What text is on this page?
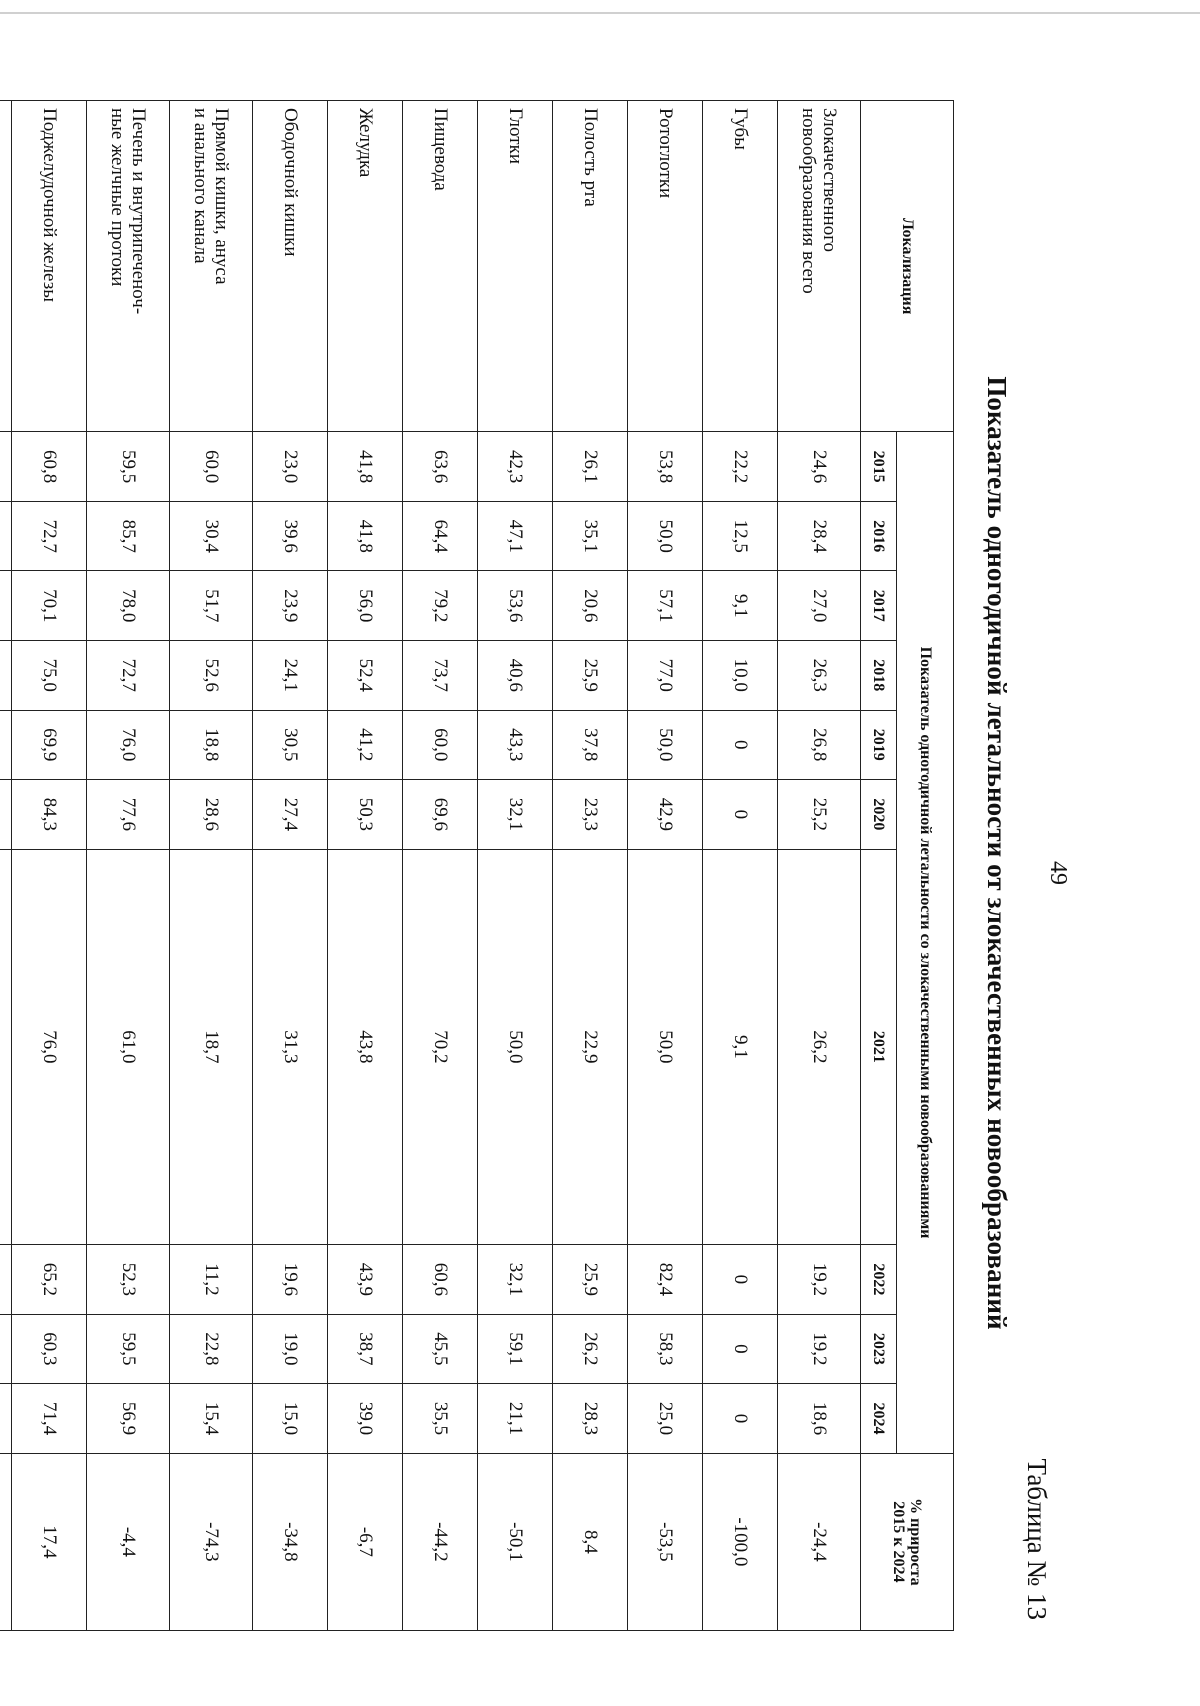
49
Таблица № 13
Показатель одногодичной летальности от злокачественных новообразований
Локализация	Показатель одногодичной летальности со злокачественными новообразованиями										% прироста
2015 к 2024
	2015	2016	2017	2018	2019	2020	2021	2022	2023	2024	
Злокачественного
новообразования всего	24,6	28,4	27,0	26,3	26,8	25,2	26,2	19,2	19,2	18,6	-24,4
Губы	22,2	12,5	9,1	10,0	0	0	9,1	0	0	0	-100,0
Ротоглотки	53,8	50,0	57,1	77,0	50,0	42,9	50,0	82,4	58,3	25,0	-53,5
Полость рта	26,1	35,1	20,6	25,9	37,8	23,3	22,9	25,9	26,2	28,3	8,4
Глотки	42,3	47,1	53,6	40,6	43,3	32,1	50,0	32,1	59,1	21,1	-50,1
Пищевода	63,6	64,4	79,2	73,7	60,0	69,6	70,2	60,6	45,5	35,5	-44,2
Желудка	41,8	41,8	56,0	52,4	41,2	50,3	43,8	43,9	38,7	39,0	-6,7
Ободочной кишки	23,0	39,6	23,9	24,1	30,5	27,4	31,3	19,6	19,0	15,0	-34,8
Прямой кишки, ануса
и анального канала	60,0	30,4	51,7	52,6	18,8	28,6	18,7	11,2	22,8	15,4	-74,3
Печень и внутрипеченоч-
ные желчные протоки	59,5	85,7	78,0	72,7	76,0	77,6	61,0	52,3	59,5	56,9	-4,4
Поджелудочной железы	60,8	72,7	70,1	75,0	69,9	84,3	76,0	65,2	60,3	71,4	17,4
